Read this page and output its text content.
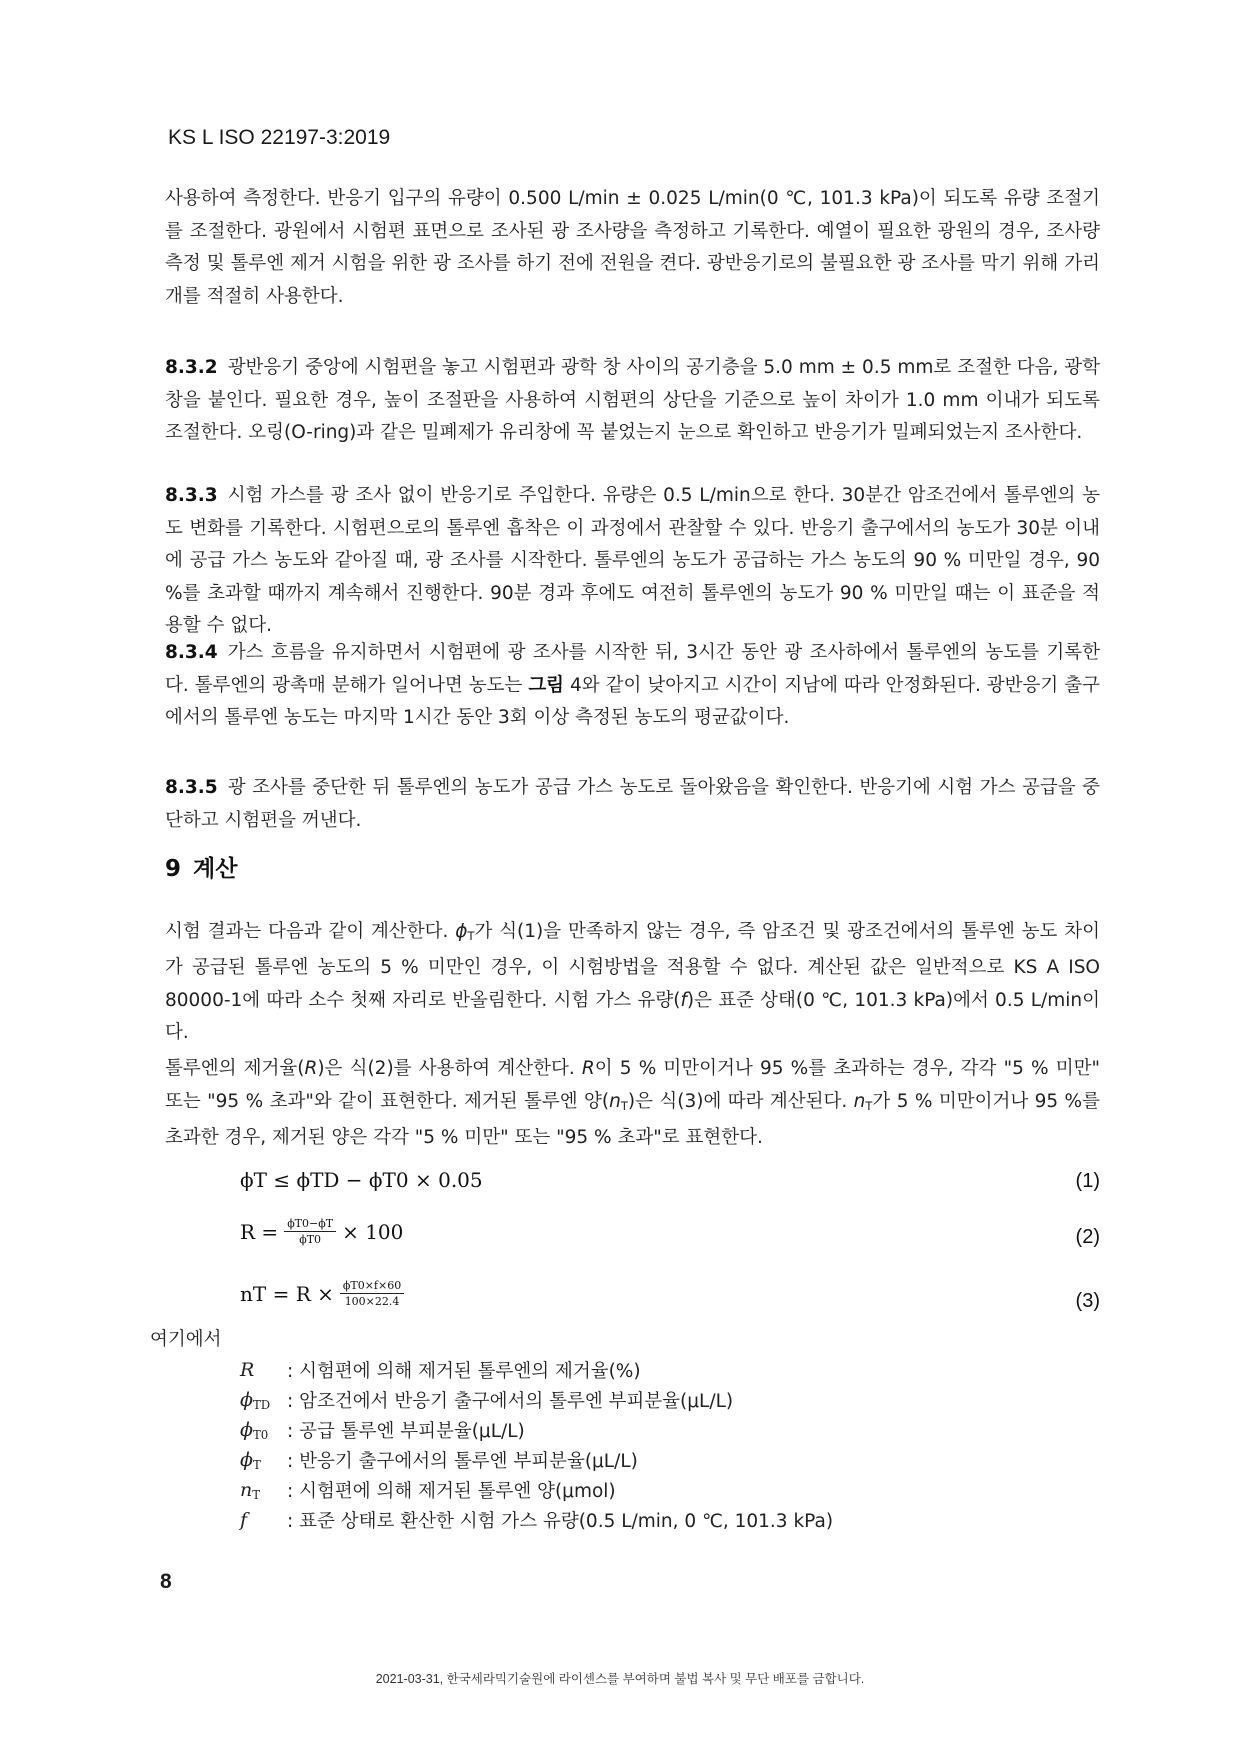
KS L ISO 22197-3:2019
사용하여 측정한다. 반응기 입구의 유량이 0.500 L/min ± 0.025 L/min(0 ℃, 101.3 kPa)이 되도록 유량 조절기를 조절한다. 광원에서 시험편 표면으로 조사된 광 조사량을 측정하고 기록한다. 예열이 필요한 광원의 경우, 조사량 측정 및 톨루엔 제거 시험을 위한 광 조사를 하기 전에 전원을 켠다. 광반응기로의 불필요한 광 조사를 막기 위해 가리개를 적절히 사용한다.
8.3.2 광반응기 중앙에 시험편을 놓고 시험편과 광학 창 사이의 공기층을 5.0 mm ± 0.5 mm로 조절한 다음, 광학 창을 붙인다. 필요한 경우, 높이 조절판을 사용하여 시험편의 상단을 기준으로 높이 차이가 1.0 mm 이내가 되도록 조절한다. 오링(O-ring)과 같은 밀폐제가 유리창에 꼭 붙었는지 눈으로 확인하고 반응기가 밀폐되었는지 조사한다.
8.3.3 시험 가스를 광 조사 없이 반응기로 주입한다. 유량은 0.5 L/min으로 한다. 30분간 암조건에서 톨루엔의 농도 변화를 기록한다. 시험편으로의 톨루엔 흡착은 이 과정에서 관찰할 수 있다. 반응기 출구에서의 농도가 30분 이내에 공급 가스 농도와 같아질 때, 광 조사를 시작한다. 톨루엔의 농도가 공급하는 가스 농도의 90 % 미만일 경우, 90 %를 초과할 때까지 계속해서 진행한다. 90분 경과 후에도 여전히 톨루엔의 농도가 90 % 미만일 때는 이 표준을 적용할 수 없다.
8.3.4 가스 흐름을 유지하면서 시험편에 광 조사를 시작한 뒤, 3시간 동안 광 조사하에서 톨루엔의 농도를 기록한다. 톨루엔의 광촉매 분해가 일어나면 농도는 그림 4와 같이 낮아지고 시간이 지남에 따라 안정화된다. 광반응기 출구에서의 톨루엔 농도는 마지막 1시간 동안 3회 이상 측정된 농도의 평균값이다.
8.3.5 광 조사를 중단한 뒤 톨루엔의 농도가 공급 가스 농도로 돌아왔음을 확인한다. 반응기에 시험 가스 공급을 중단하고 시험편을 꺼낸다.
9 계산
시험 결과는 다음과 같이 계산한다. $\phi_T$가 식(1)을 만족하지 않는 경우, 즉 암조건 및 광조건에서의 톨루엔 농도 차이가 공급된 톨루엔 농도의 5 % 미만인 경우, 이 시험방법을 적용할 수 없다. 계산된 값은 일반적으로 KS A ISO 80000-1에 따라 소수 첫째 자리로 반올림한다. 시험 가스 유량(f)은 표준 상태(0 ℃, 101.3 kPa)에서 0.5 L/min이다.
톨루엔의 제거율(R)은 식(2)를 사용하여 계산한다. R이 5 % 미만이거나 95 %를 초과하는 경우, 각각 "5 % 미만" 또는 "95 % 초과"와 같이 표현한다. 제거된 톨루엔 양$(n_T)$은 식(3)에 따라 계산된다. $n_T$가 5 % 미만이거나 95 %를 초과한 경우, 제거된 양은 각각 "5 % 미만" 또는 "95 % 초과"로 표현한다.
ϕT ≤ ϕTD − ϕT0 × 0.05	(1)
$R = \frac{\phi T0-\phi T}{\phi T0} \times 100$	(2)
nT = $R \times \frac{\phi T0\times f\times 60}{100\times 22.4}$	(3)
여기에서
R	: 시험편에 의해 제거된 톨루엔의 제거율(%)
$\phi_{TD}$ : 암조건에서 반응기 출구에서의 톨루엔 부피분율(μL/L)
$\phi_{T0}$	: 공급 톨루엔 부피분율(μL/L)
$\phi_T$	: 반응기 출구에서의 톨루엔 부피분율(μL/L)
$n_T$	: 시험편에 의해 제거된 톨루엔 양(μmol)
f	: 표준 상태로 환산한 시험 가스 유량(0.5 L/min, 0 ℃, 101.3 kPa)
8
2021-03-31, 한국세라믹기술원에 라이센스를 부여하며 불법 복사 및 무단 배포를 금합니다.
